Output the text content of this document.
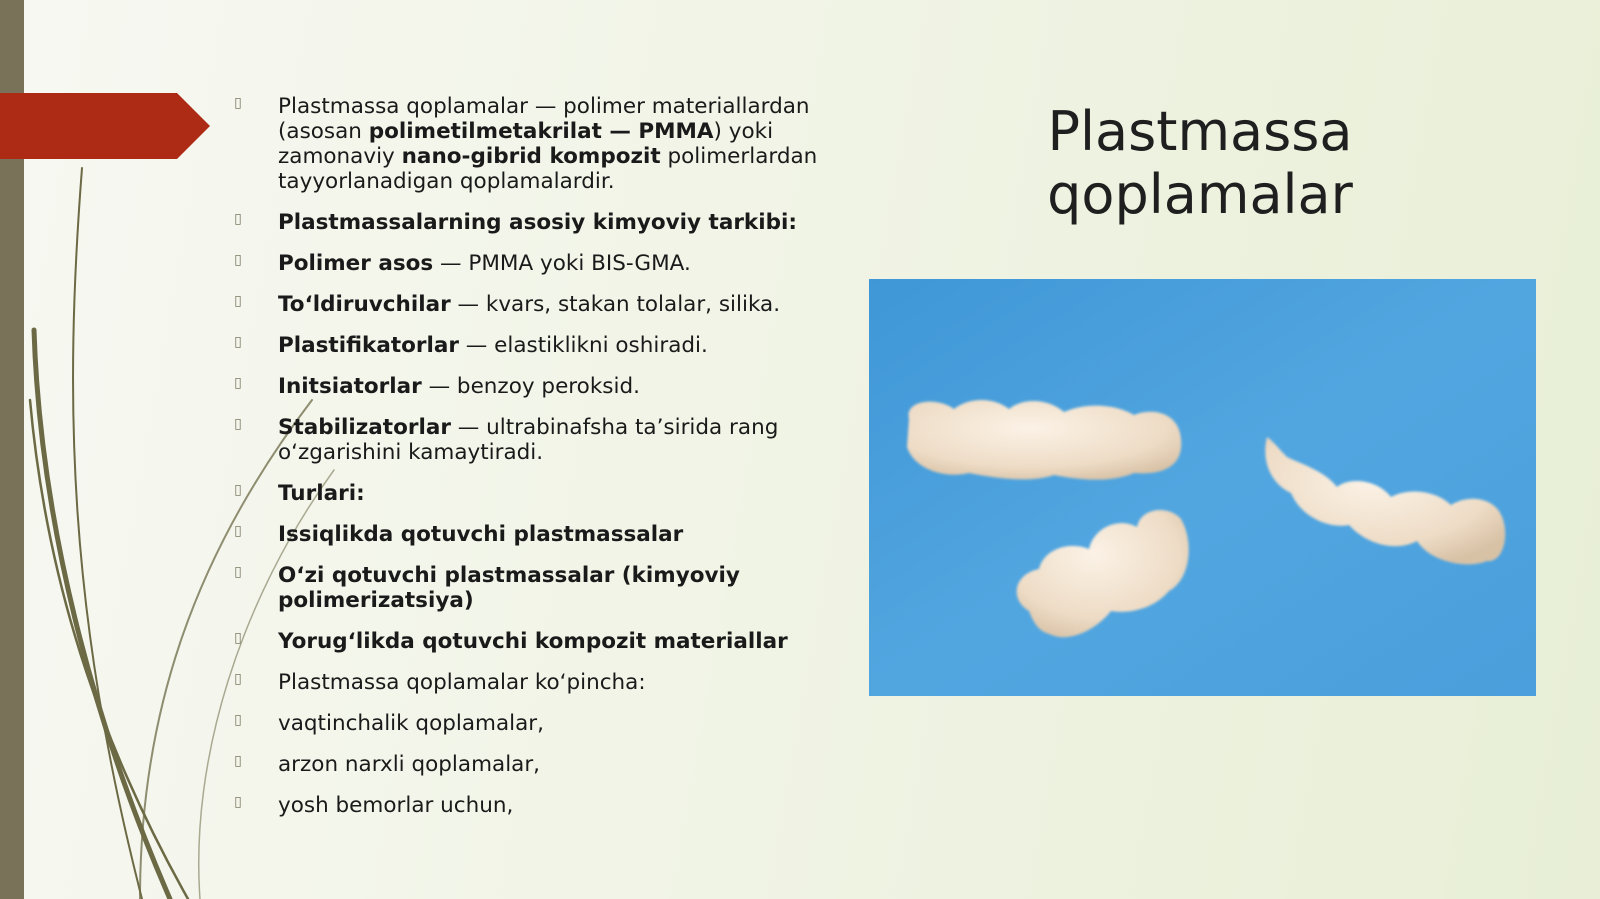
▯ Plastmassa qoplamalar — polimer materiallardan (asosan polimetilmetakrilat — PMMA) yoki zamonaviy nano-gibrid kompozit polimerlardan tayyorlanadigan qoplamalardir.
▯ Plastmassalarning asosiy kimyoviy tarkibi:
▯ Polimer asos — PMMA yoki BIS-GMA.
▯ To‘ldiruvchilar — kvars, stakan tolalar, silika.
▯ Plastifikatorlar — elastiklikni oshiradi.
▯ Initsiatorlar — benzoy peroksid.
▯ Stabilizatorlar — ultrabinafsha ta’sirida rang o‘zgarishini kamaytiradi.
▯ Turlari:
▯ Issiqlikda qotuvchi plastmassalar
▯ O‘zi qotuvchi plastmassalar (kimyoviy polimerizatsiya)
▯ Yorug‘likda qotuvchi kompozit materiallar
▯ Plastmassa qoplamalar ko‘pincha:
▯ vaqtinchalik qoplamalar,
▯ arzon narxli qoplamalar,
▯ yosh bemorlar uchun,
Plastmassa qoplamalar
